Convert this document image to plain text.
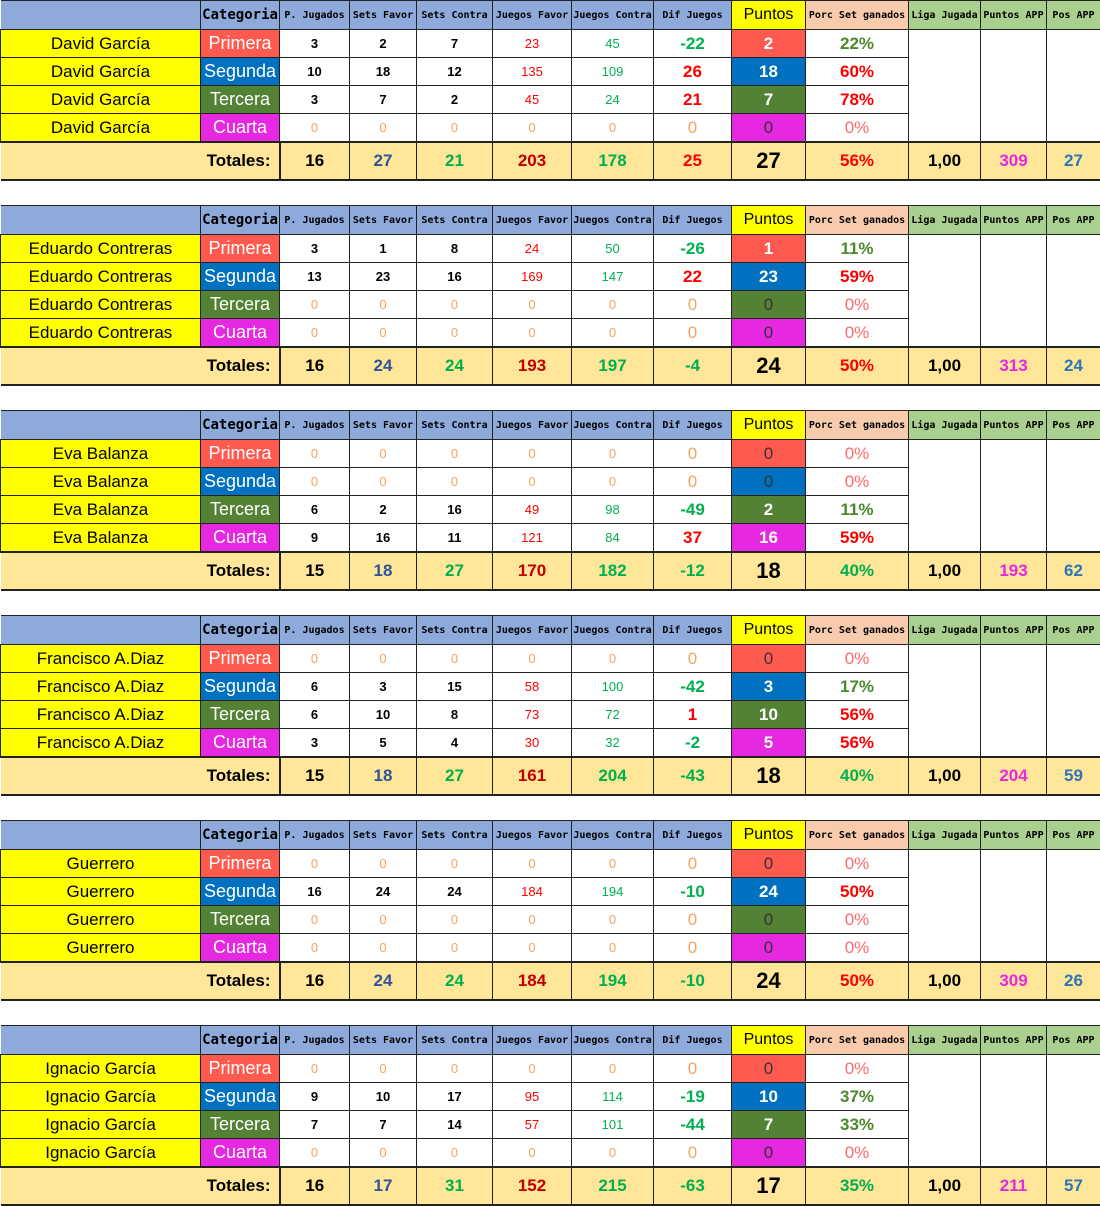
	Categoria	P. Jugados	Sets Favor	Sets Contra	Juegos Favor	Juegos Contra	Dif Juegos	Puntos	Porc Set ganados	Liga Jugada	Puntos APP	Pos APP
David García	Primera	3	2	7	23	45	-22	2	22%			
David García	Segunda	10	18	12	135	109	26	18	60%			
David García	Tercera	3	7	2	45	24	21	7	78%			
David García	Cuarta	0	0	0	0	0	0	0	0%			
Totales:		16	27	21	203	178	25	27	56%	1,00	309	27
	Categoria	P. Jugados	Sets Favor	Sets Contra	Juegos Favor	Juegos Contra	Dif Juegos	Puntos	Porc Set ganados	Liga Jugada	Puntos APP	Pos APP
Eduardo Contreras	Primera	3	1	8	24	50	-26	1	11%			
Eduardo Contreras	Segunda	13	23	16	169	147	22	23	59%			
Eduardo Contreras	Tercera	0	0	0	0	0	0	0	0%			
Eduardo Contreras	Cuarta	0	0	0	0	0	0	0	0%			
Totales:		16	24	24	193	197	-4	24	50%	1,00	313	24
	Categoria	P. Jugados	Sets Favor	Sets Contra	Juegos Favor	Juegos Contra	Dif Juegos	Puntos	Porc Set ganados	Liga Jugada	Puntos APP	Pos APP
Eva Balanza	Primera	0	0	0	0	0	0	0	0%			
Eva Balanza	Segunda	0	0	0	0	0	0	0	0%			
Eva Balanza	Tercera	6	2	16	49	98	-49	2	11%			
Eva Balanza	Cuarta	9	16	11	121	84	37	16	59%			
Totales:		15	18	27	170	182	-12	18	40%	1,00	193	62
	Categoria	P. Jugados	Sets Favor	Sets Contra	Juegos Favor	Juegos Contra	Dif Juegos	Puntos	Porc Set ganados	Liga Jugada	Puntos APP	Pos APP
Francisco A.Diaz	Primera	0	0	0	0	0	0	0	0%			
Francisco A.Diaz	Segunda	6	3	15	58	100	-42	3	17%			
Francisco A.Diaz	Tercera	6	10	8	73	72	1	10	56%			
Francisco A.Diaz	Cuarta	3	5	4	30	32	-2	5	56%			
Totales:		15	18	27	161	204	-43	18	40%	1,00	204	59
	Categoria	P. Jugados	Sets Favor	Sets Contra	Juegos Favor	Juegos Contra	Dif Juegos	Puntos	Porc Set ganados	Liga Jugada	Puntos APP	Pos APP
Guerrero	Primera	0	0	0	0	0	0	0	0%			
Guerrero	Segunda	16	24	24	184	194	-10	24	50%			
Guerrero	Tercera	0	0	0	0	0	0	0	0%			
Guerrero	Cuarta	0	0	0	0	0	0	0	0%			
Totales:		16	24	24	184	194	-10	24	50%	1,00	309	26
	Categoria	P. Jugados	Sets Favor	Sets Contra	Juegos Favor	Juegos Contra	Dif Juegos	Puntos	Porc Set ganados	Liga Jugada	Puntos APP	Pos APP
Ignacio García	Primera	0	0	0	0	0	0	0	0%			
Ignacio García	Segunda	9	10	17	95	114	-19	10	37%			
Ignacio García	Tercera	7	7	14	57	101	-44	7	33%			
Ignacio García	Cuarta	0	0	0	0	0	0	0	0%			
Totales:		16	17	31	152	215	-63	17	35%	1,00	211	57
